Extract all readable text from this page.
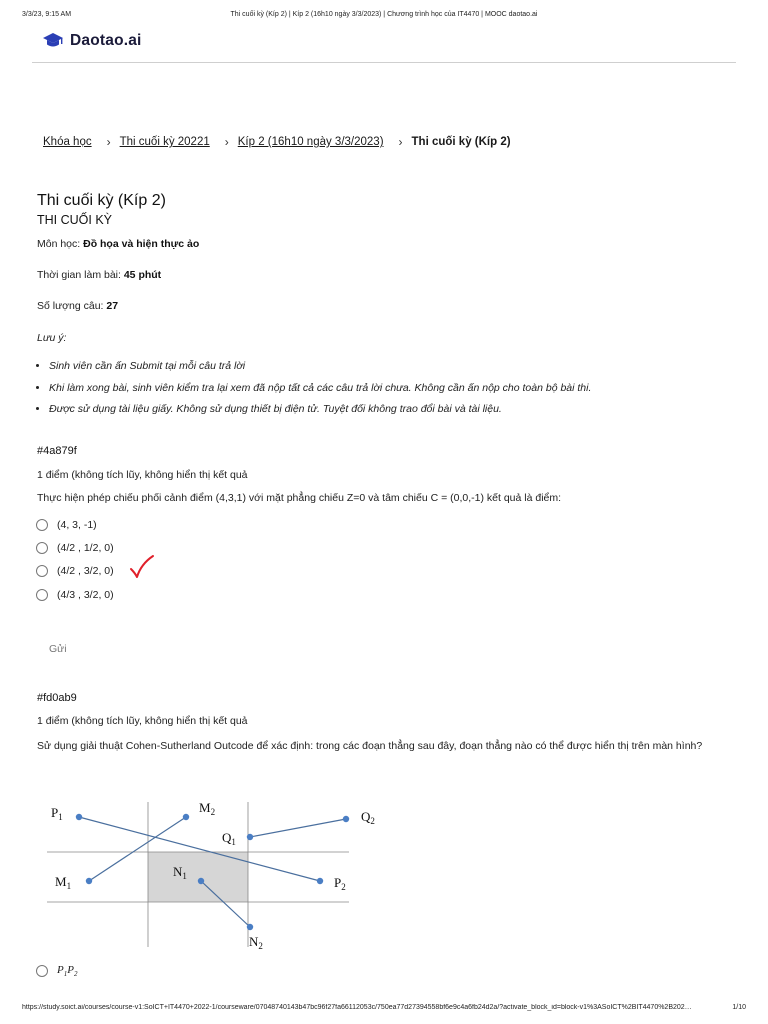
3/3/23, 9:15 AM	Thi cuối kỳ (Kíp 2) | Kíp 2 (16h10 ngày 3/3/2023) | Chương trình học của IT4470 | MOOC daotao.ai
Daotao.ai
Khóa học › Thi cuối kỳ 20221 › Kíp 2 (16h10 ngày 3/3/2023) › Thi cuối kỳ (Kíp 2)
Thi cuối kỳ (Kíp 2)
THI CUỐI KỲ
Môn học: Đồ họa và hiện thực ảo
Thời gian làm bài: 45 phút
Số lượng câu: 27
Lưu ý:
• Sinh viên cần ấn Submit tại mỗi câu trả lời
• Khi làm xong bài, sinh viên kiểm tra lại xem đã nộp tất cả các câu trả lời chưa. Không cần ấn nộp cho toàn bộ bài thi.
• Được sử dụng tài liệu giấy. Không sử dụng thiết bị điện tử. Tuyệt đối không trao đổi bài và tài liệu.
#4a879f
1 điểm (không tích lũy, không hiển thị kết quả
Thực hiện phép chiếu phối cảnh điểm (4,3,1) với mặt phẳng chiếu Z=0 và tâm chiếu C = (0,0,-1) kết quả là điểm:
(4, 3, -1)
(4/2 , 1/2, 0)
(4/2 , 3/2, 0)
(4/3 , 3/2, 0)
Gửi
#fd0ab9
1 điểm (không tích lũy, không hiển thị kết quả
Sử dụng giải thuật Cohen-Sutherland Outcode để xác định: trong các đoạn thẳng sau đây, đoạn thẳng nào có thể được hiển thị trên màn hình?
$P_1$
$M_1$
$M_2$
$Q_1$
$Q_2$
$N_1$
$N_2$
$P_2$
$P_1P_2$
https://study.soict.ai/courses/course-v1:SoICT+IT4470+2022-1/courseware/07048740143b47bc96f27fa66112053c/750ea77d27394558bf6e9c4a6fb24d2a/?activate_block_id=block-v1%3ASoICT%2BIT4470%2B202…	1/10
